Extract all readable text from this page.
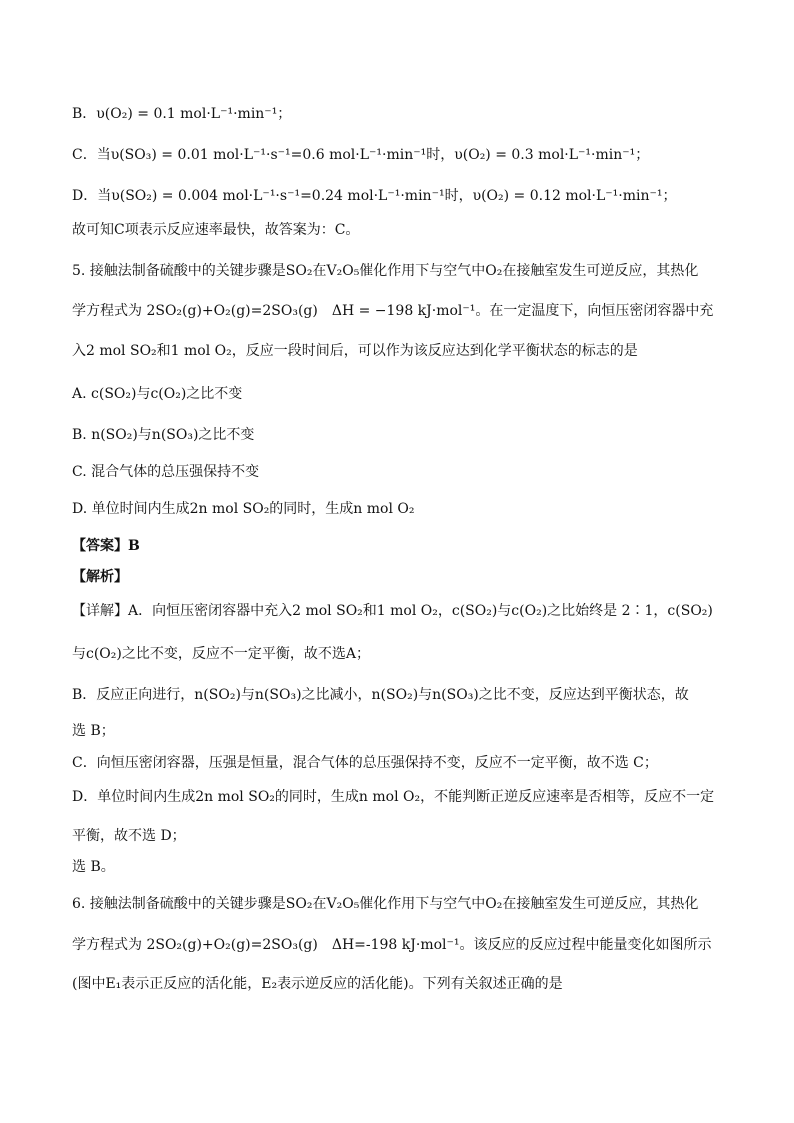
B．υ(O₂) = 0.1 mol·L⁻¹·min⁻¹；
C．当υ(SO₃) = 0.01 mol·L⁻¹·s⁻¹=0.6 mol·L⁻¹·min⁻¹时，υ(O₂) = 0.3 mol·L⁻¹·min⁻¹；
D．当υ(SO₂) = 0.004 mol·L⁻¹·s⁻¹=0.24 mol·L⁻¹·min⁻¹时，υ(O₂) = 0.12 mol·L⁻¹·min⁻¹；
故可知C项表示反应速率最快，故答案为：C。
5. 接触法制备硫酸中的关键步骤是SO₂在V₂O₅催化作用下与空气中O₂在接触室发生可逆反应，其热化
学方程式为 2SO₂(g)+O₂(g)=2SO₃(g)　ΔH = −198 kJ·mol⁻¹。在一定温度下，向恒压密闭容器中充
入2 mol SO₂和1 mol O₂，反应一段时间后，可以作为该反应达到化学平衡状态的标志的是
A. c(SO₂)与c(O₂)之比不变
B. n(SO₂)与n(SO₃)之比不变
C. 混合气体的总压强保持不变
D. 单位时间内生成2n mol SO₂的同时，生成n mol O₂
【答案】B
【解析】
【详解】A．向恒压密闭容器中充入2 mol SO₂和1 mol O₂，c(SO₂)与c(O₂)之比始终是 2∶1，c(SO₂)
与c(O₂)之比不变，反应不一定平衡，故不选A；
B．反应正向进行，n(SO₂)与n(SO₃)之比减小，n(SO₂)与n(SO₃)之比不变，反应达到平衡状态，故
选 B；
C．向恒压密闭容器，压强是恒量，混合气体的总压强保持不变，反应不一定平衡，故不选 C；
D．单位时间内生成2n mol SO₂的同时，生成n mol O₂，不能判断正逆反应速率是否相等，反应不一定
平衡，故不选 D；
选 B。
6. 接触法制备硫酸中的关键步骤是SO₂在V₂O₅催化作用下与空气中O₂在接触室发生可逆反应，其热化
学方程式为 2SO₂(g)+O₂(g)=2SO₃(g)　ΔH=-198 kJ·mol⁻¹。该反应的反应过程中能量变化如图所示
(图中E₁表示正反应的活化能，E₂表示逆反应的活化能)。下列有关叙述正确的是
